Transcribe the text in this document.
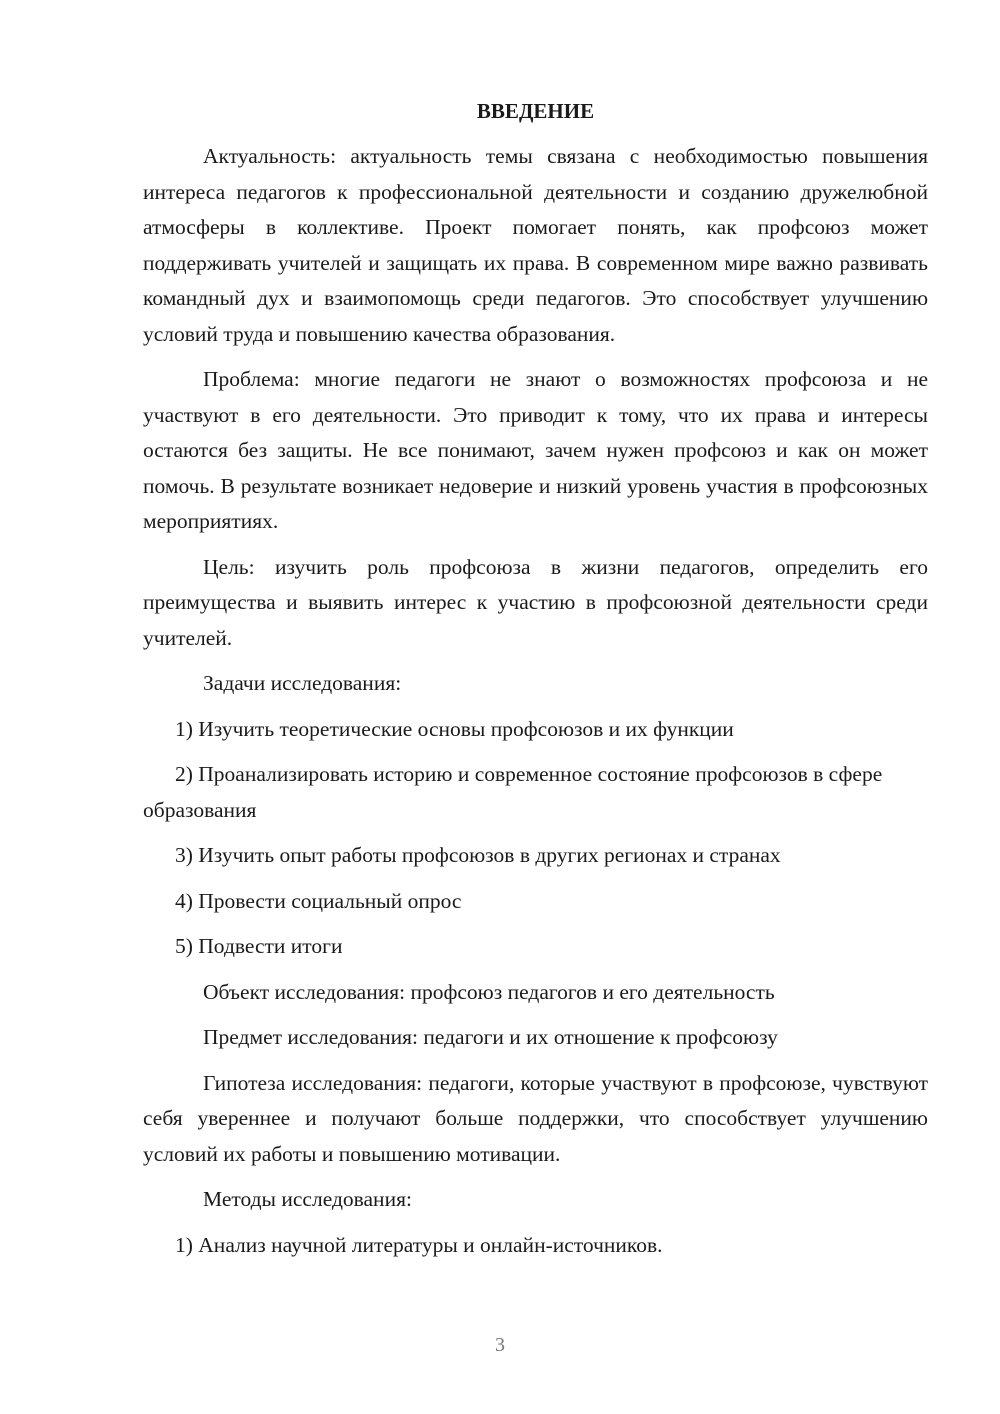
ВВЕДЕНИЕ

Актуальность: актуальность темы связана с необходимостью повышения интереса педагогов к профессиональной деятельности и созданию дружелюбной атмосферы в коллективе. Проект помогает понять, как профсоюз может поддерживать учителей и защищать их права. В современном мире важно развивать командный дух и взаимопомощь среди педагогов. Это способствует улучшению условий труда и повышению качества образования.

Проблема: многие педагоги не знают о возможностях профсоюза и не участвуют в его деятельности. Это приводит к тому, что их права и интересы остаются без защиты. Не все понимают, зачем нужен профсоюз и как он может помочь. В результате возникает недоверие и низкий уровень участия в профсоюзных мероприятиях.

Цель: изучить роль профсоюза в жизни педагогов, определить его преимущества и выявить интерес к участию в профсоюзной деятельности среди учителей.

Задачи исследования:

1) Изучить теоретические основы профсоюзов и их функции

2) Проанализировать историю и современное состояние профсоюзов в сфере образования

3) Изучить опыт работы профсоюзов в других регионах и странах

4) Провести социальный опрос

5) Подвести итоги

Объект исследования: профсоюз педагогов и его деятельность

Предмет исследования: педагоги и их отношение к профсоюзу

Гипотеза исследования: педагоги, которые участвуют в профсоюзе, чувствуют себя увереннее и получают больше поддержки, что способствует улучшению условий их работы и повышению мотивации.

Методы исследования:

1) Анализ научной литературы и онлайн-источников.

3
